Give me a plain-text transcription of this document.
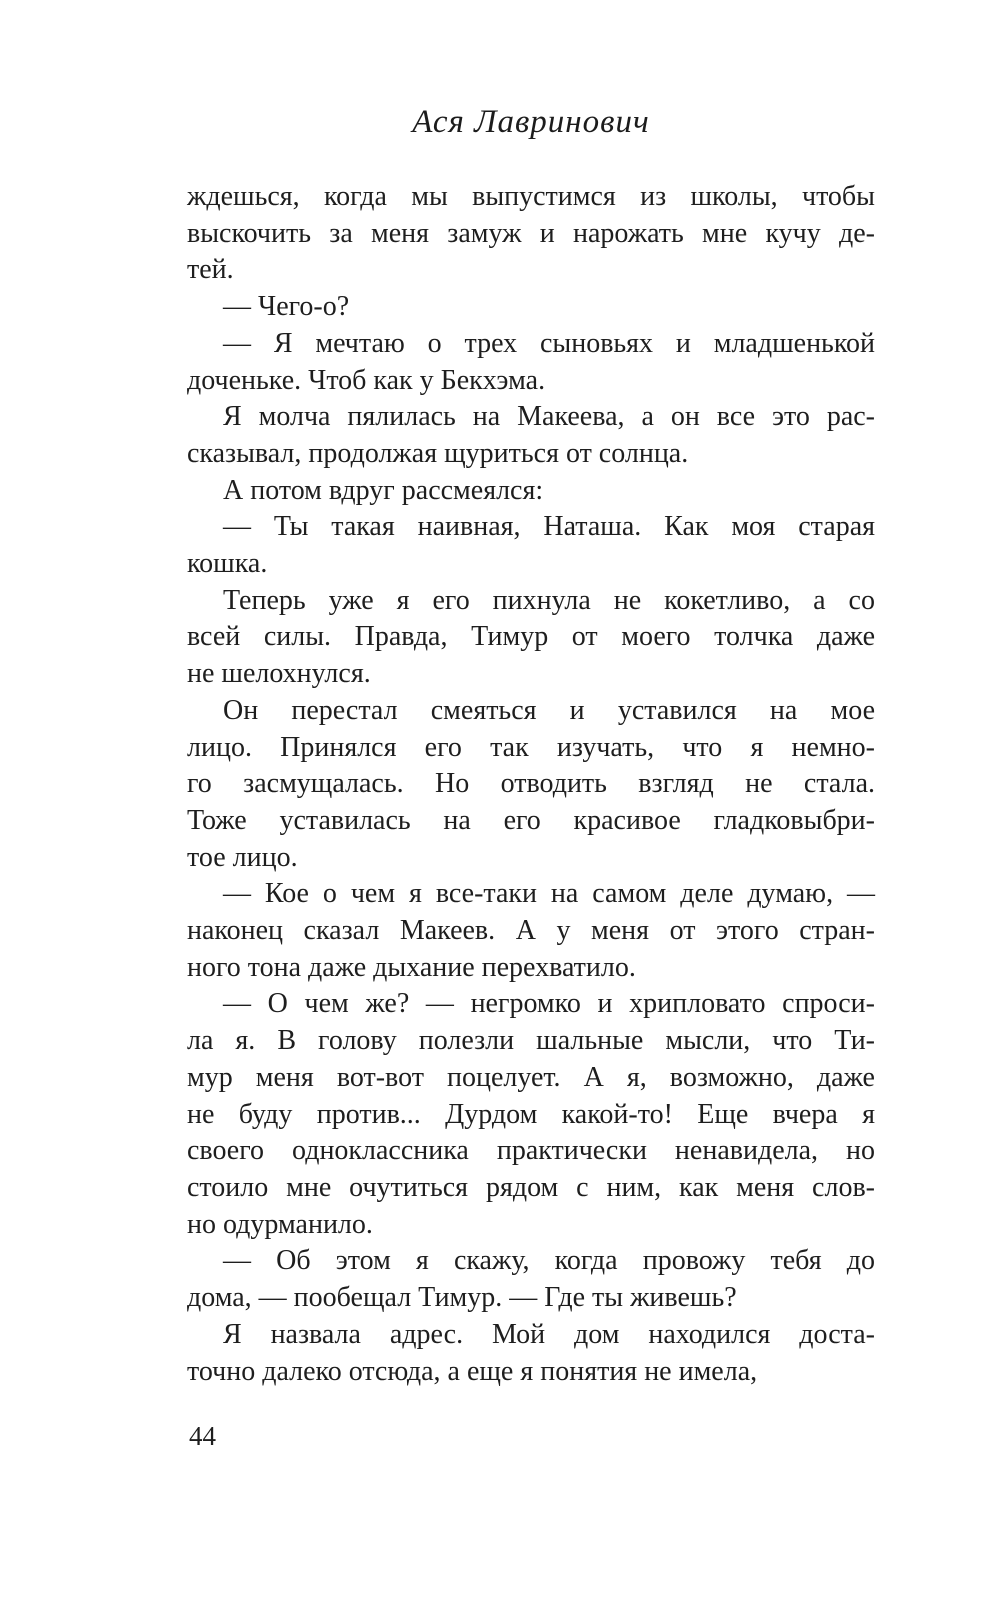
Ася Лавринович
ждешься, когда мы выпустимся из школы, чтобы
выскочить за меня замуж и нарожать мне кучу де-
тей.
— Чего-о?
— Я мечтаю о трех сыновьях и младшенькой
доченьке. Чтоб как у Бекхэма.
Я молча пялилась на Макеева, а он все это рас-
сказывал, продолжая щуриться от солнца.
А потом вдруг рассмеялся:
— Ты такая наивная, Наташа. Как моя старая
кошка.
Теперь уже я его пихнула не кокетливо, а со
всей силы. Правда, Тимур от моего толчка даже
не шелохнулся.
Он перестал смеяться и уставился на мое
лицо. Принялся его так изучать, что я немно-
го засмущалась. Но отводить взгляд не стала.
Тоже уставилась на его красивое гладковыбри-
тое лицо.
— Кое о чем я все-таки на самом деле думаю, —
наконец сказал Макеев. А у меня от этого стран-
ного тона даже дыхание перехватило.
— О чем же? — негромко и хрипловато спроси-
ла я. В голову полезли шальные мысли, что Ти-
мур меня вот-вот поцелует. А я, возможно, даже
не буду против... Дурдом какой-то! Еще вчера я
своего одноклассника практически ненавидела, но
стоило мне очутиться рядом с ним, как меня слов-
но одурманило.
— Об этом я скажу, когда провожу тебя до
дома, — пообещал Тимур. — Где ты живешь?
Я назвала адрес. Мой дом находился доста-
точно далеко отсюда, а еще я понятия не имела,
44
